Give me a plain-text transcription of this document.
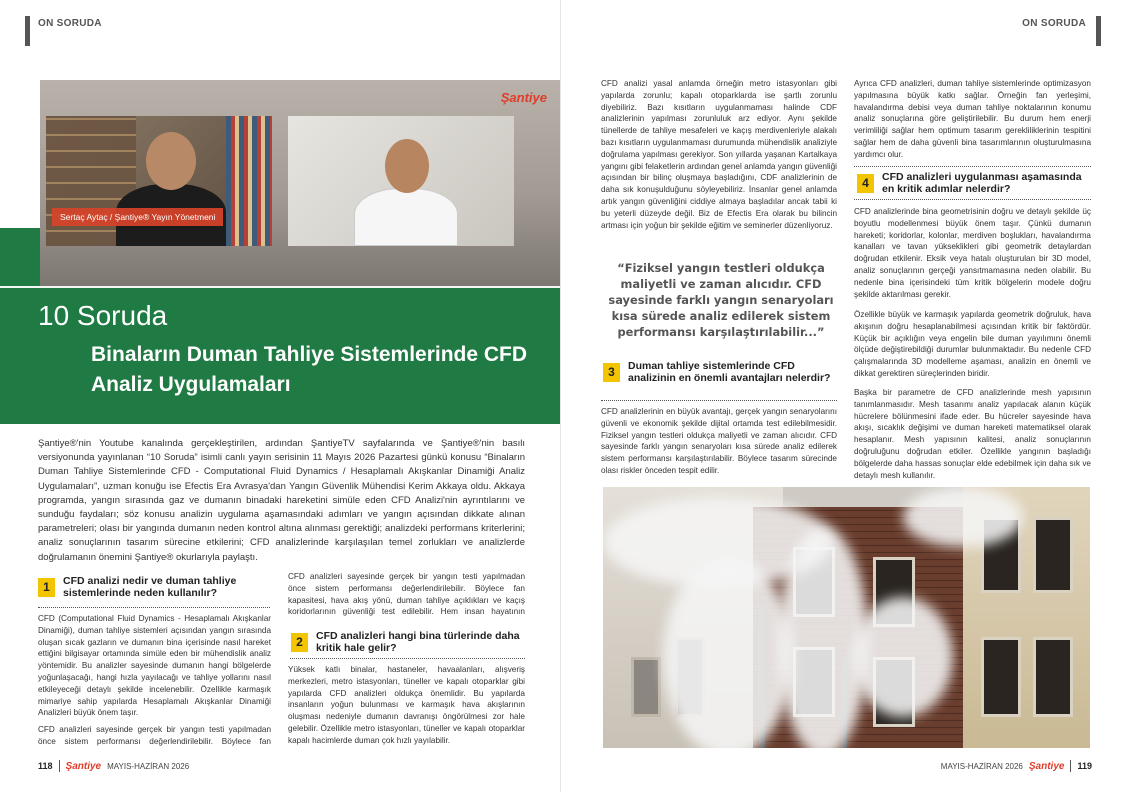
ON SORUDA
Şantiye
Sertaç Aytaç / Şantiye® Yayın Yönetmeni
10 Soruda
Binaların Duman Tahliye Sistemlerinde CFD Analiz Uygulamaları
Şantiye®'nin Youtube kanalında gerçekleştirilen, ardından ŞantiyeTV sayfalarında ve Şantiye®'nin basılı versiyonunda yayınlanan “10 Soruda” isimli canlı yayın serisinin 11 Mayıs 2026 Pazartesi günkü konusu “Binaların Duman Tahliye Sistemlerinde CFD - Computational Fluid Dynamics / Hesaplamalı Akışkanlar Dinamiği Analiz Uygulamaları”, uzman konuğu ise Efectis Era Avrasya'dan Yangın Güvenlik Mühendisi Kerim Akkaya oldu. Akkaya programda, yangın sırasında gaz ve dumanın binadaki hareketini simüle eden CFD Analizi'nin ayrıntılarını ve sunduğu faydaları; söz konusu analizin uygulama aşamasındaki adımları ve yangın açısından dikkate alınan parametreleri; olası bir yangında dumanın neden kontrol altına alınması gerektiği; analizdeki performans kriterlerini; analiz sonuçlarının tasarım sürecine etkilerini; CFD analizlerinde karşılaşılan temel zorlukları ve analizlerde doğrulamanın önemini Şantiye® okurlarıyla paylaştı.
1	CFD analizi nedir ve duman tahliye sistemlerinde neden kullanılır?
CFD (Computational Fluid Dynamics - Hesaplamalı Akışkanlar Dinamiği), duman tahliye sistemleri açısından yangın sırasında oluşan sıcak gazların ve dumanın bina içerisinde nasıl hareket ettiğini bilgisayar ortamında simüle eden bir mühendislik analiz yöntemidir. Bu analizler sayesinde dumanın hangi bölgelerde yoğunlaşacağı, hangi hızla yayılacağı ve tahliye yollarını nasıl etkileyeceği detaylı şekilde incelenebilir. Özellikle karmaşık mimariye sahip yapılarda Hesaplamalı Akışkanlar Dinamiği Analizleri büyük önem taşır.
CFD analizleri sayesinde gerçek bir yangın testi yapılmadan önce sistem performansı değerlendirilebilir. Böylece fan
CFD analizleri sayesinde gerçek bir yangın testi yapılmadan önce sistem performansı değerlendirilebilir. Böylece fan kapasitesi, hava akış yönü, duman tahliye açıklıkları ve kaçış koridorlarının güvenliği test edilebilir. Hem insan hayatının
2	CFD analizleri hangi bina türlerinde daha kritik hale gelir?
Yüksek katlı binalar, hastaneler, havaalanları, alışveriş merkezleri, metro istasyonları, tüneller ve kapalı otoparklar gibi yapılarda CFD analizleri oldukça önemlidir. Bu yapılarda insanların yoğun bulunması ve karmaşık hava akışlarının oluşması nedeniyle dumanın davranışı öngörülmesi zor hale gelebilir. Özellikle metro istasyonları, tüneller ve kapalı otoparklar kapalı hacimlerde duman çok hızlı yayılabilir.
118 Şantiye MAYIS-HAZİRAN 2026
ON SORUDA
CFD analizi yasal anlamda örneğin metro istasyonları gibi yapılarda zorunlu; kapalı otoparklarda ise şartlı zorunlu diyebiliriz. Bazı kısıtların uygulanmaması halinde CDF analizlerinin yapılması zorunluluk arz ediyor. Aynı şekilde tünellerde de tahliye mesafeleri ve kaçış merdivenleriyle alakalı bazı kısıtların uygulanmaması durumunda mühendislik analiziyle doğrulama yapılması gerekiyor. Son yıllarda yaşanan Kartalkaya yangını gibi felaketlerin ardından genel anlamda yangın güvenliği açısından bir bilinç oluşmaya başladığını, CDF analizlerinin de daha sık konuşulduğunu söyleyebiliriz. İnsanlar genel anlamda artık yangın güvenliğini ciddiye almaya başladılar ancak tabii ki bu yeterli düzeyde değil. Biz de Efectis Era olarak bu bilincin artması için yoğun bir şekilde eğitim ve seminerler düzenliyoruz.
“Fiziksel yangın testleri oldukça maliyetli ve zaman alıcıdır. CFD sayesinde farklı yangın senaryoları kısa sürede analiz edilerek sistem performansı karşılaştırılabilir...”
3	Duman tahliye sistemlerinde CFD analizinin en önemli avantajları nelerdir?
CFD analizlerinin en büyük avantajı, gerçek yangın senaryolarını güvenli ve ekonomik şekilde dijital ortamda test edilebilmesidir. Fiziksel yangın testleri oldukça maliyetli ve zaman alıcıdır. CFD sayesinde farklı yangın senaryoları kısa sürede analiz edilerek sistem performansı karşılaştırılabilir. Böylece tasarım sürecinde olası riskler önceden tespit edilir.
Ayrıca CFD analizleri, duman tahliye sistemlerinde optimizasyon yapılmasına büyük katkı sağlar. Örneğin fan yerleşimi, havalandırma debisi veya duman tahliye noktalarının konumu analiz sonuçlarına göre geliştirilebilir. Bu durum hem enerji verimliliği sağlar hem optimum tasarım gerekliliklerinin tespitini sağlar hem de daha güvenli bina tasarımlarının oluşturulmasına yardımcı olur.
4	CFD analizleri uygulanması aşamasında en kritik adımlar nelerdir?
CFD analizlerinde bina geometrisinin doğru ve detaylı şekilde üç boyutlu modellenmesi büyük önem taşır. Çünkü dumanın hareketi; koridorlar, kolonlar, merdiven boşlukları, havalandırma kanalları ve tavan yükseklikleri gibi geometrik detaylardan doğrudan etkilenir. Eksik veya hatalı oluşturulan bir 3D model, analiz sonuçlarının gerçeği yansıtmamasına neden olabilir. Bu nedenle bina içerisindeki tüm kritik bölgelerin modele doğru şekilde aktarılması gerekir.
Özellikle büyük ve karmaşık yapılarda geometrik doğruluk, hava akışının doğru hesaplanabilmesi açısından kritik bir faktördür. Küçük bir açıklığın veya engelin bile duman yayılımını önemli ölçüde değiştirebildiği durumlar bulunmaktadır. Bu nedenle CFD çalışmalarında 3D modelleme aşaması, analizin en önemli ve dikkat gerektiren süreçlerinden biridir.
Başka bir parametre de CFD analizlerinde mesh yapısının tanımlanmasıdır. Mesh tasarımı analiz yapılacak alanın küçük hücrelere bölünmesini ifade eder. Bu hücreler sayesinde hava akışı, sıcaklık değişimi ve duman hareketi matematiksel olarak hesaplanır. Mesh yapısının kalitesi, analiz sonuçlarının doğruluğunu doğrudan etkiler. Özellikle yangının başladığı bölgelerde daha hassas sonuçlar elde edebilmek için daha sık ve detaylı mesh kullanılır.
MAYIS-HAZİRAN 2026 Şantiye 119
